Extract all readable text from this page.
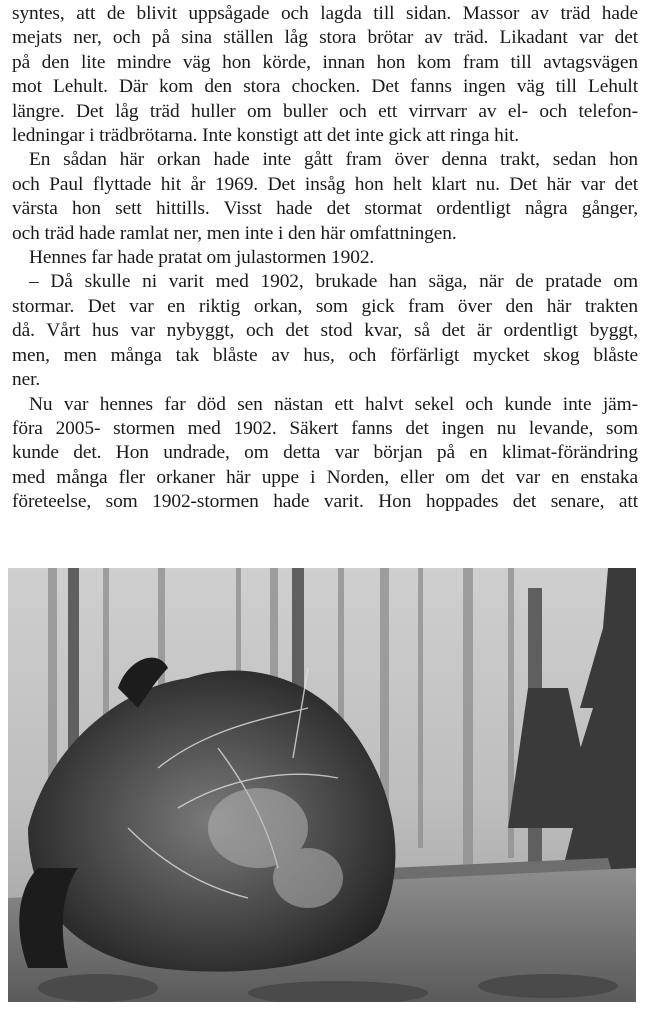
syntes, att de blivit uppsågade och lagda till sidan. Massor av träd hade
mejats ner, och på sina ställen låg stora brötar av träd. Likadant var det
på den lite mindre väg hon körde, innan hon kom fram till avtagsvägen
mot Lehult. Där kom den stora chocken. Det fanns ingen väg till Lehult
längre. Det låg träd huller om buller och ett virrvarr av el- och telefon-
ledningar i trädbrötarna. Inte konstigt att det inte gick att ringa hit.
En sådan här orkan hade inte gått fram över denna trakt, sedan hon
och Paul flyttade hit år 1969. Det insåg hon helt klart nu. Det här var det
värsta hon sett hittills. Visst hade det stormat ordentligt några gånger,
och träd hade ramlat ner, men inte i den här omfattningen.
Hennes far hade pratat om julastormen 1902.
– Då skulle ni varit med 1902, brukade han säga, när de pratade om
stormar. Det var en riktig orkan, som gick fram över den här trakten
då. Vårt hus var nybyggt, och det stod kvar, så det är ordentligt byggt,
men, men många tak blåste av hus, och förfärligt mycket skog blåste
ner.
Nu var hennes far död sen nästan ett halvt sekel och kunde inte jäm-
föra 2005- stormen med 1902. Säkert fanns det ingen nu levande, som
kunde det. Hon undrade, om detta var början på en klimat-förändring
med många fler orkaner här uppe i Norden, eller om det var en enstaka
företeelse, som 1902-stormen hade varit. Hon hoppades det senare, att
